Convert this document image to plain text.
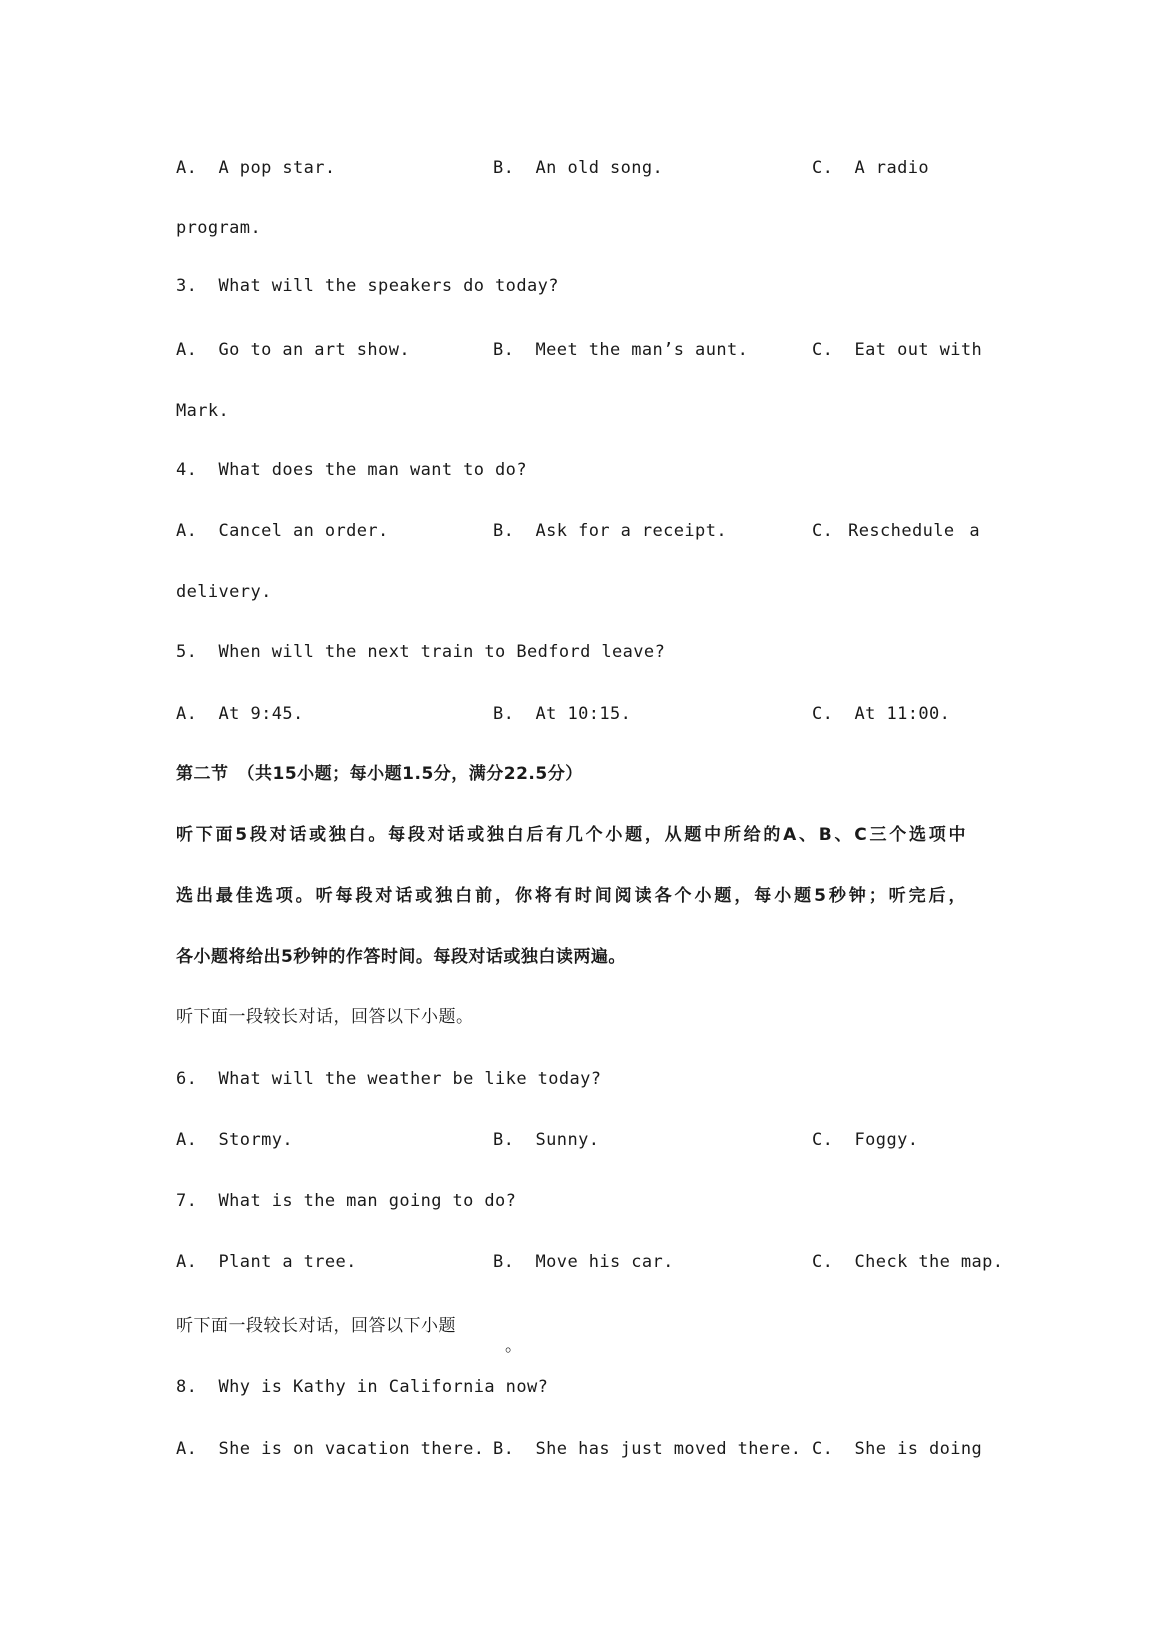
A.  A pop star.	B.  An old song.	C.  A radio
program.
3.  What will the speakers do today?
A.  Go to an art show.	B.  Meet the man’s aunt.	C.  Eat out with
Mark.
4.  What does the man want to do?
A.  Cancel an order.	B.  Ask for a receipt.	C. Reschedule a
delivery.
5.  When will the next train to Bedford leave?
A.  At 9:45.	B.  At 10:15.	C.  At 11:00.
第二节　（共15小题；每小题1.5分，满分22.5分）
听下面5段对话或独白。每段对话或独白后有几个小题，从题中所给的A、B、C三个选项中
选出最佳选项。听每段对话或独白前，你将有时间阅读各个小题，每小题5秒钟；听完后，
各小题将给出5秒钟的作答时间。每段对话或独白读两遍。
听下面一段较长对话，回答以下小题。
6.  What will the weather be like today?
A.  Stormy.	B.  Sunny.	C.  Foggy.
7.  What is the man going to do?
A.  Plant a tree.	B.  Move his car.	C.  Check the map.
听下面一段较长对话，回答以下小题
。
8.  Why is Kathy in California now?
A.  She is on vacation there. B.  She has just moved there. C.  She is doing
